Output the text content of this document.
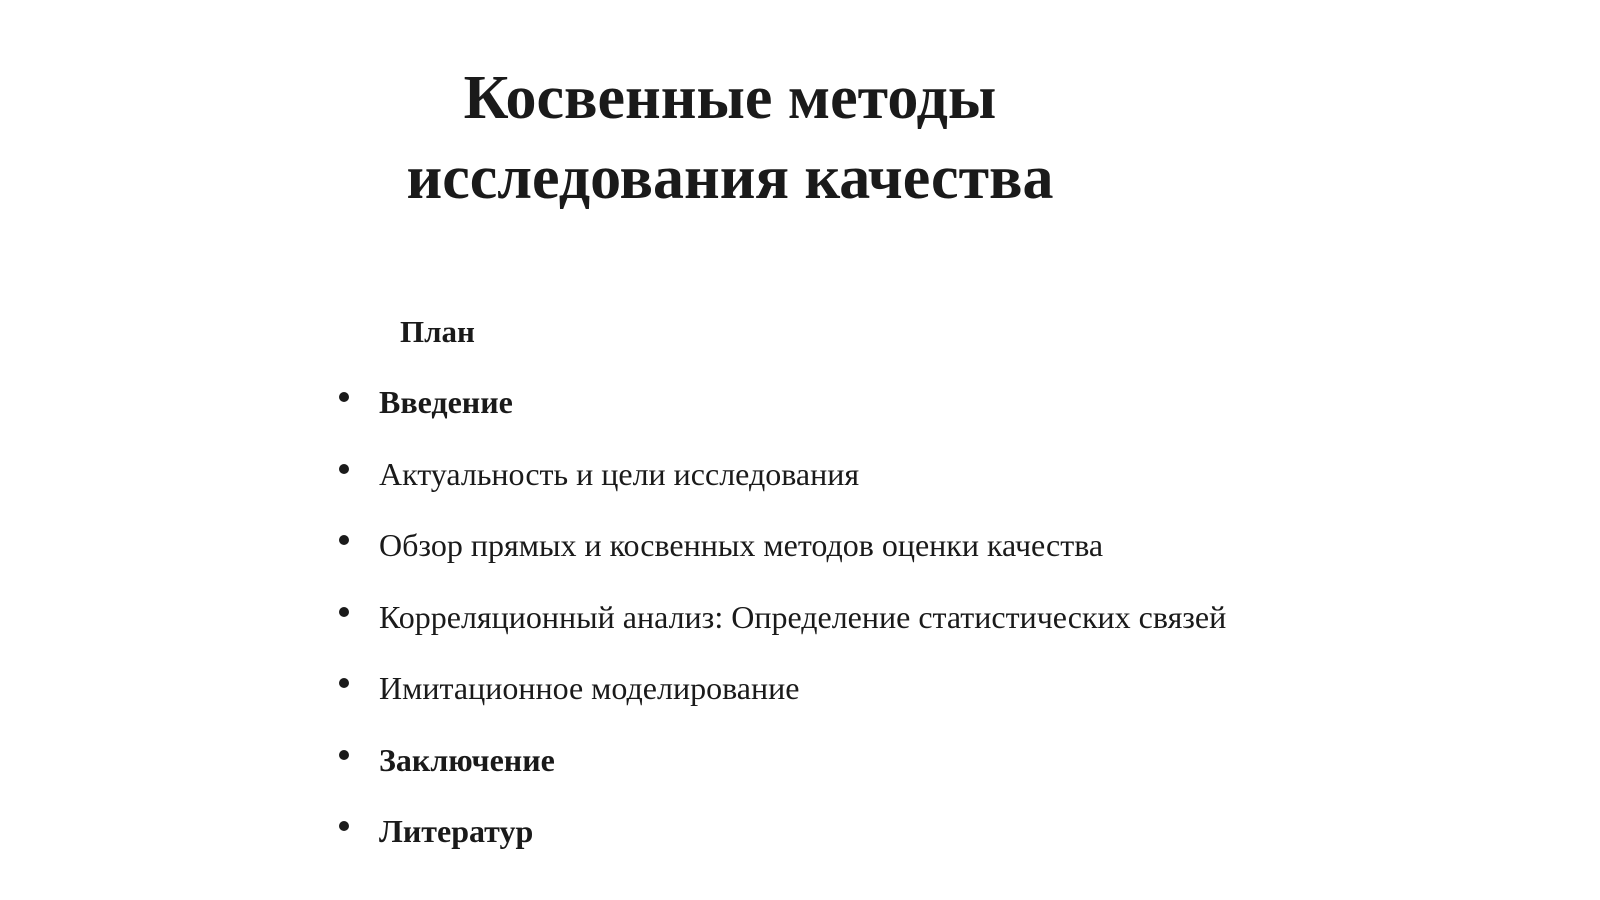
Косвенные методы
исследования качества
План
Введение
Актуальность и цели исследования
Обзор прямых и косвенных методов оценки качества
Корреляционный анализ: Определение статистических связей
Имитационное моделирование
Заключение
Литератур
